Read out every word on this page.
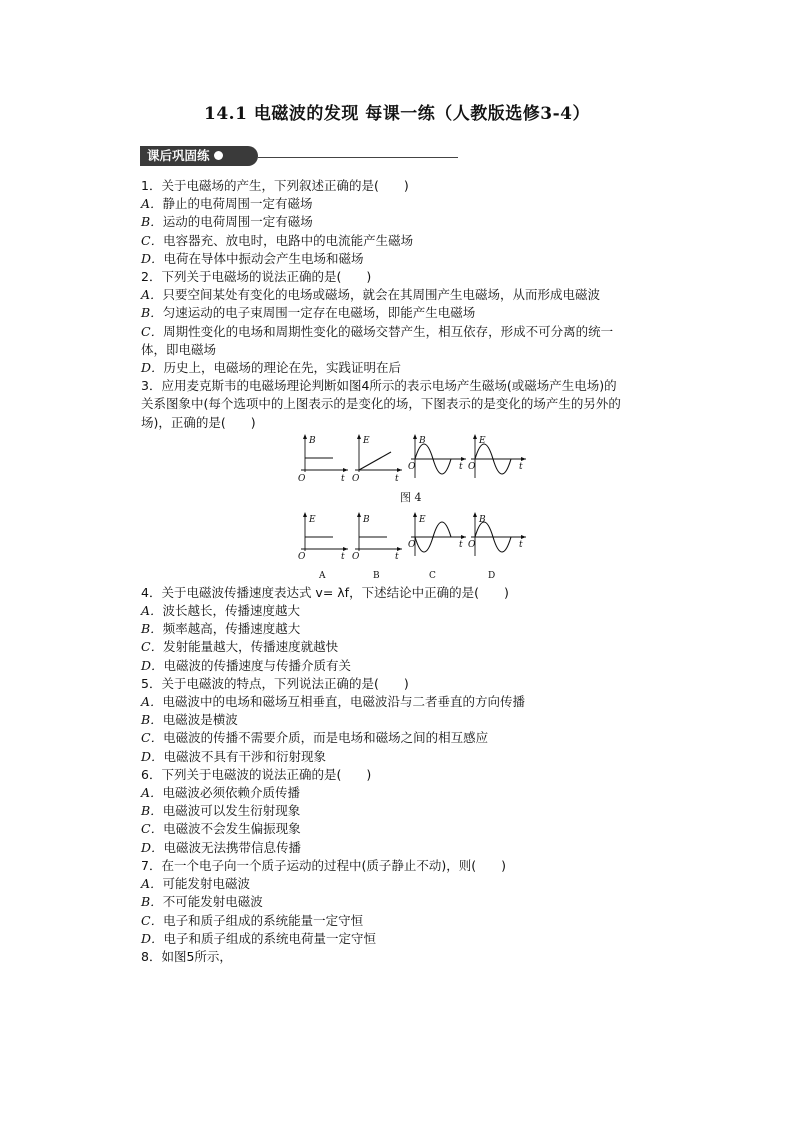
14.1 电磁波的发现 每课一练（人教版选修3-4）
课后巩固练
1．关于电磁场的产生，下列叙述正确的是(　　)
A．静止的电荷周围一定有磁场
B．运动的电荷周围一定有磁场
C．电容器充、放电时，电路中的电流能产生磁场
D．电荷在导体中振动会产生电场和磁场
2．下列关于电磁场的说法正确的是(　　)
A．只要空间某处有变化的电场或磁场，就会在其周围产生电磁场，从而形成电磁波
B．匀速运动的电子束周围一定存在电磁场，即能产生电磁场
C．周期性变化的电场和周期性变化的磁场交替产生，相互依存，形成不可分离的统一
体，即电磁场
D．历史上，电磁场的理论在先，实践证明在后
3．应用麦克斯韦的电磁场理论判断如图4所示的表示电场产生磁场(或磁场产生电场)的
关系图象中(每个选项中的上图表示的是变化的场，下图表示的是变化的场产生的另外的
场)，正确的是(　　)
B
O	t
E
O	t
B
O	t
E
O	t
图 4
E
O	t
A
B
O	t
B
E
O	t
C
B
O	t
D
4．关于电磁波传播速度表达式 v= λf，下述结论中正确的是(　　)
A．波长越长，传播速度越大
B．频率越高，传播速度越大
C．发射能量越大，传播速度就越快
D．电磁波的传播速度与传播介质有关
5．关于电磁波的特点，下列说法正确的是(　　)
A．电磁波中的电场和磁场互相垂直，电磁波沿与二者垂直的方向传播
B．电磁波是横波
C．电磁波的传播不需要介质，而是电场和磁场之间的相互感应
D．电磁波不具有干涉和衍射现象
6．下列关于电磁波的说法正确的是(　　)
A．电磁波必须依赖介质传播
B．电磁波可以发生衍射现象
C．电磁波不会发生偏振现象
D．电磁波无法携带信息传播
7．在一个电子向一个质子运动的过程中(质子静止不动)，则(　　)
A．可能发射电磁波
B．不可能发射电磁波
C．电子和质子组成的系统能量一定守恒
D．电子和质子组成的系统电荷量一定守恒
8．如图5所示，
